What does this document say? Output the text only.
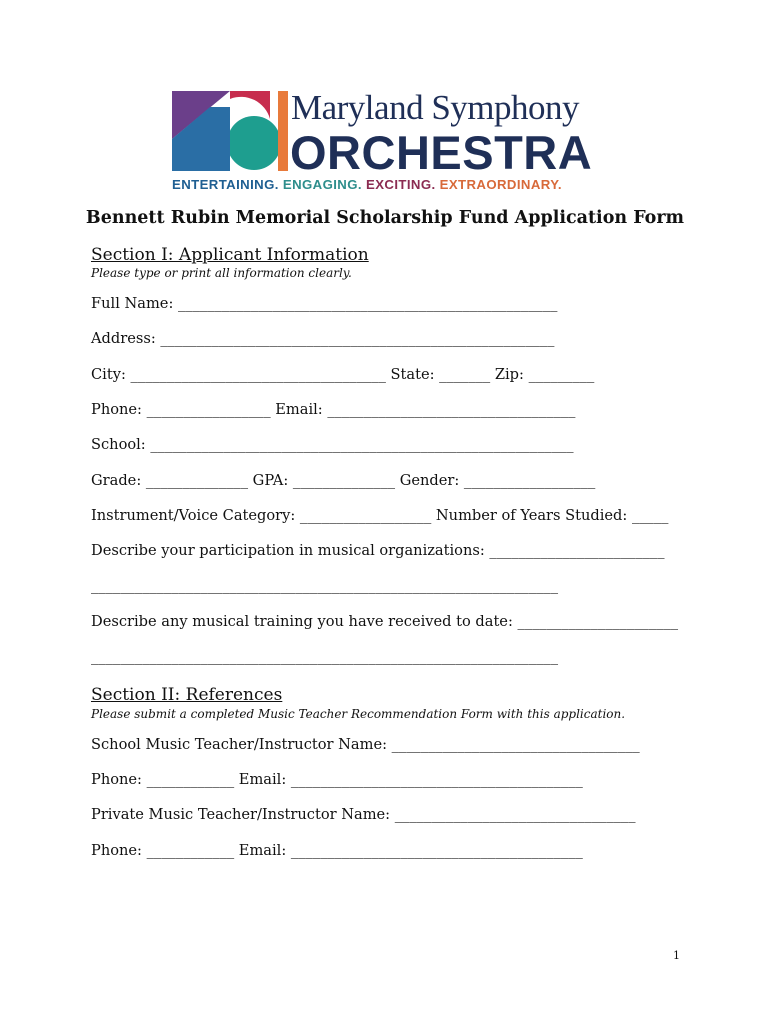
Maryland Symphony
ORCHESTRA
ENTERTAINING. ENGAGING. EXCITING. EXTRAORDINARY.
Bennett Rubin Memorial Scholarship Fund Application Form
Section I: Applicant Information
Please type or print all information clearly.
Full Name: ____________________________________________________
Address: ______________________________________________________
City: ___________________________________ State: _______ Zip: _________
Phone: _________________ Email: __________________________________
School: __________________________________________________________
Grade: ______________ GPA: ______________ Gender: __________________
Instrument/Voice Category: __________________ Number of Years Studied: _____
Describe your participation in musical organizations: ________________________
________________________________________________________________
Describe any musical training you have received to date: ______________________
________________________________________________________________
Section II: References
Please submit a completed Music Teacher Recommendation Form with this application.
School Music Teacher/Instructor Name: __________________________________
Phone: ____________ Email: ________________________________________
Private Music Teacher/Instructor Name: _________________________________
Phone: ____________ Email: ________________________________________
1
